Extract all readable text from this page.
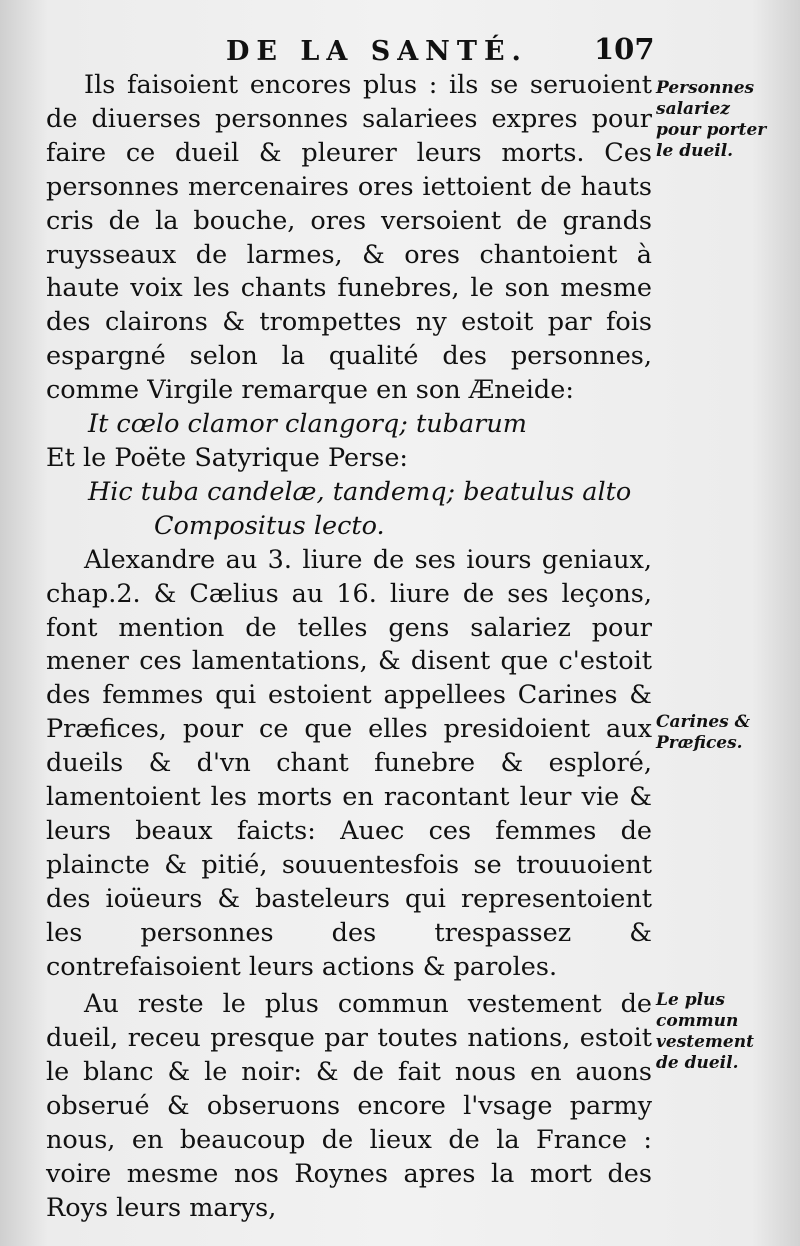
DE LA SANTÉ. 107

Ils faisoient encores plus : ils se seruoient de diuerses personnes salariees expres pour faire ce dueil & pleurer leurs morts. Ces personnes mercenaires ores iettoient de hauts cris de la bouche, ores versoient de grands ruysseaux de larmes, & ores chantoient à haute voix les chants funebres, le son mesme des clairons & trompettes ny estoit par fois espargné selon la qualité des personnes, comme Virgile remarque en son Æneide:

It cœlo clamor clangorq; tubarum

Et le Poëte Satyrique Perse:

Hic tuba candelæ, tandemq; beatulus alto

Compositus lecto.

Alexandre au 3. liure de ses iours geniaux, chap.2. & Cælius au 16. liure de ses leçons, font mention de telles gens salariez pour mener ces lamentations, & disent que c'estoit des femmes qui estoient appellees Carines & Præfices, pour ce que elles presidoient aux dueils & d'vn chant funebre & esploré, lamentoient les morts en racontant leur vie & leurs beaux faicts: Auec ces femmes de plaincte & pitié, souuentesfois se trouuoient des ioüeurs & basteleurs qui representoient les personnes des trespassez & contrefaisoient leurs actions & paroles.

Au reste le plus commun vestement de dueil, receu presque par toutes nations, estoit le blanc & le noir: & de fait nous en auons obserué & obseruons encore l'vsage parmy nous, en beaucoup de lieux de la France : voire mesme nos Roynes apres la mort des Roys leurs marys,

Personnes salariez pour porter le dueil.
Carines & Præfices.
Le plus commun vestement de dueil.
